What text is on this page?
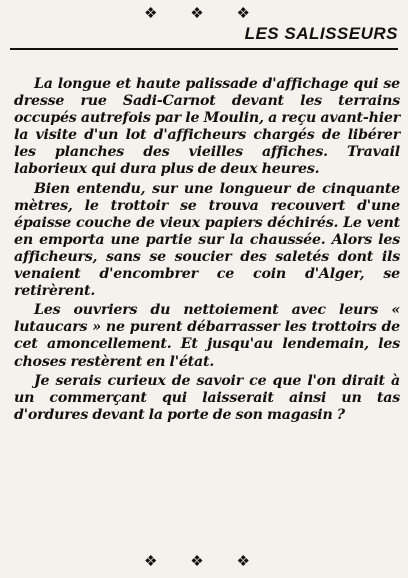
❖ ❖ ❖
LES SALISSEURS

La longue et haute palissade d'affichage qui se dresse rue Sadi-Carnot devant les terrains occupés autrefois par le Moulin, a reçu avant-hier la visite d'un lot d'afficheurs chargés de libérer les planches des vieilles affiches. Travail laborieux qui dura plus de deux heures.

Bien entendu, sur une longueur de cinquante mètres, le trottoir se trouva recouvert d'une épaisse couche de vieux papiers déchirés. Le vent en emporta une partie sur la chaussée. Alors les afficheurs, sans se soucier des saletés dont ils venaient d'encombrer ce coin d'Alger, se retirèrent.

Les ouvriers du nettoiement avec leurs « lutaucars » ne purent débarrasser les trottoirs de cet amoncellement. Et jusqu'au lendemain, les choses restèrent en l'état.

Je serais curieux de savoir ce que l'on dirait à un commerçant qui laisserait ainsi un tas d'ordures devant la porte de son magasin ?

❖ ❖ ❖
